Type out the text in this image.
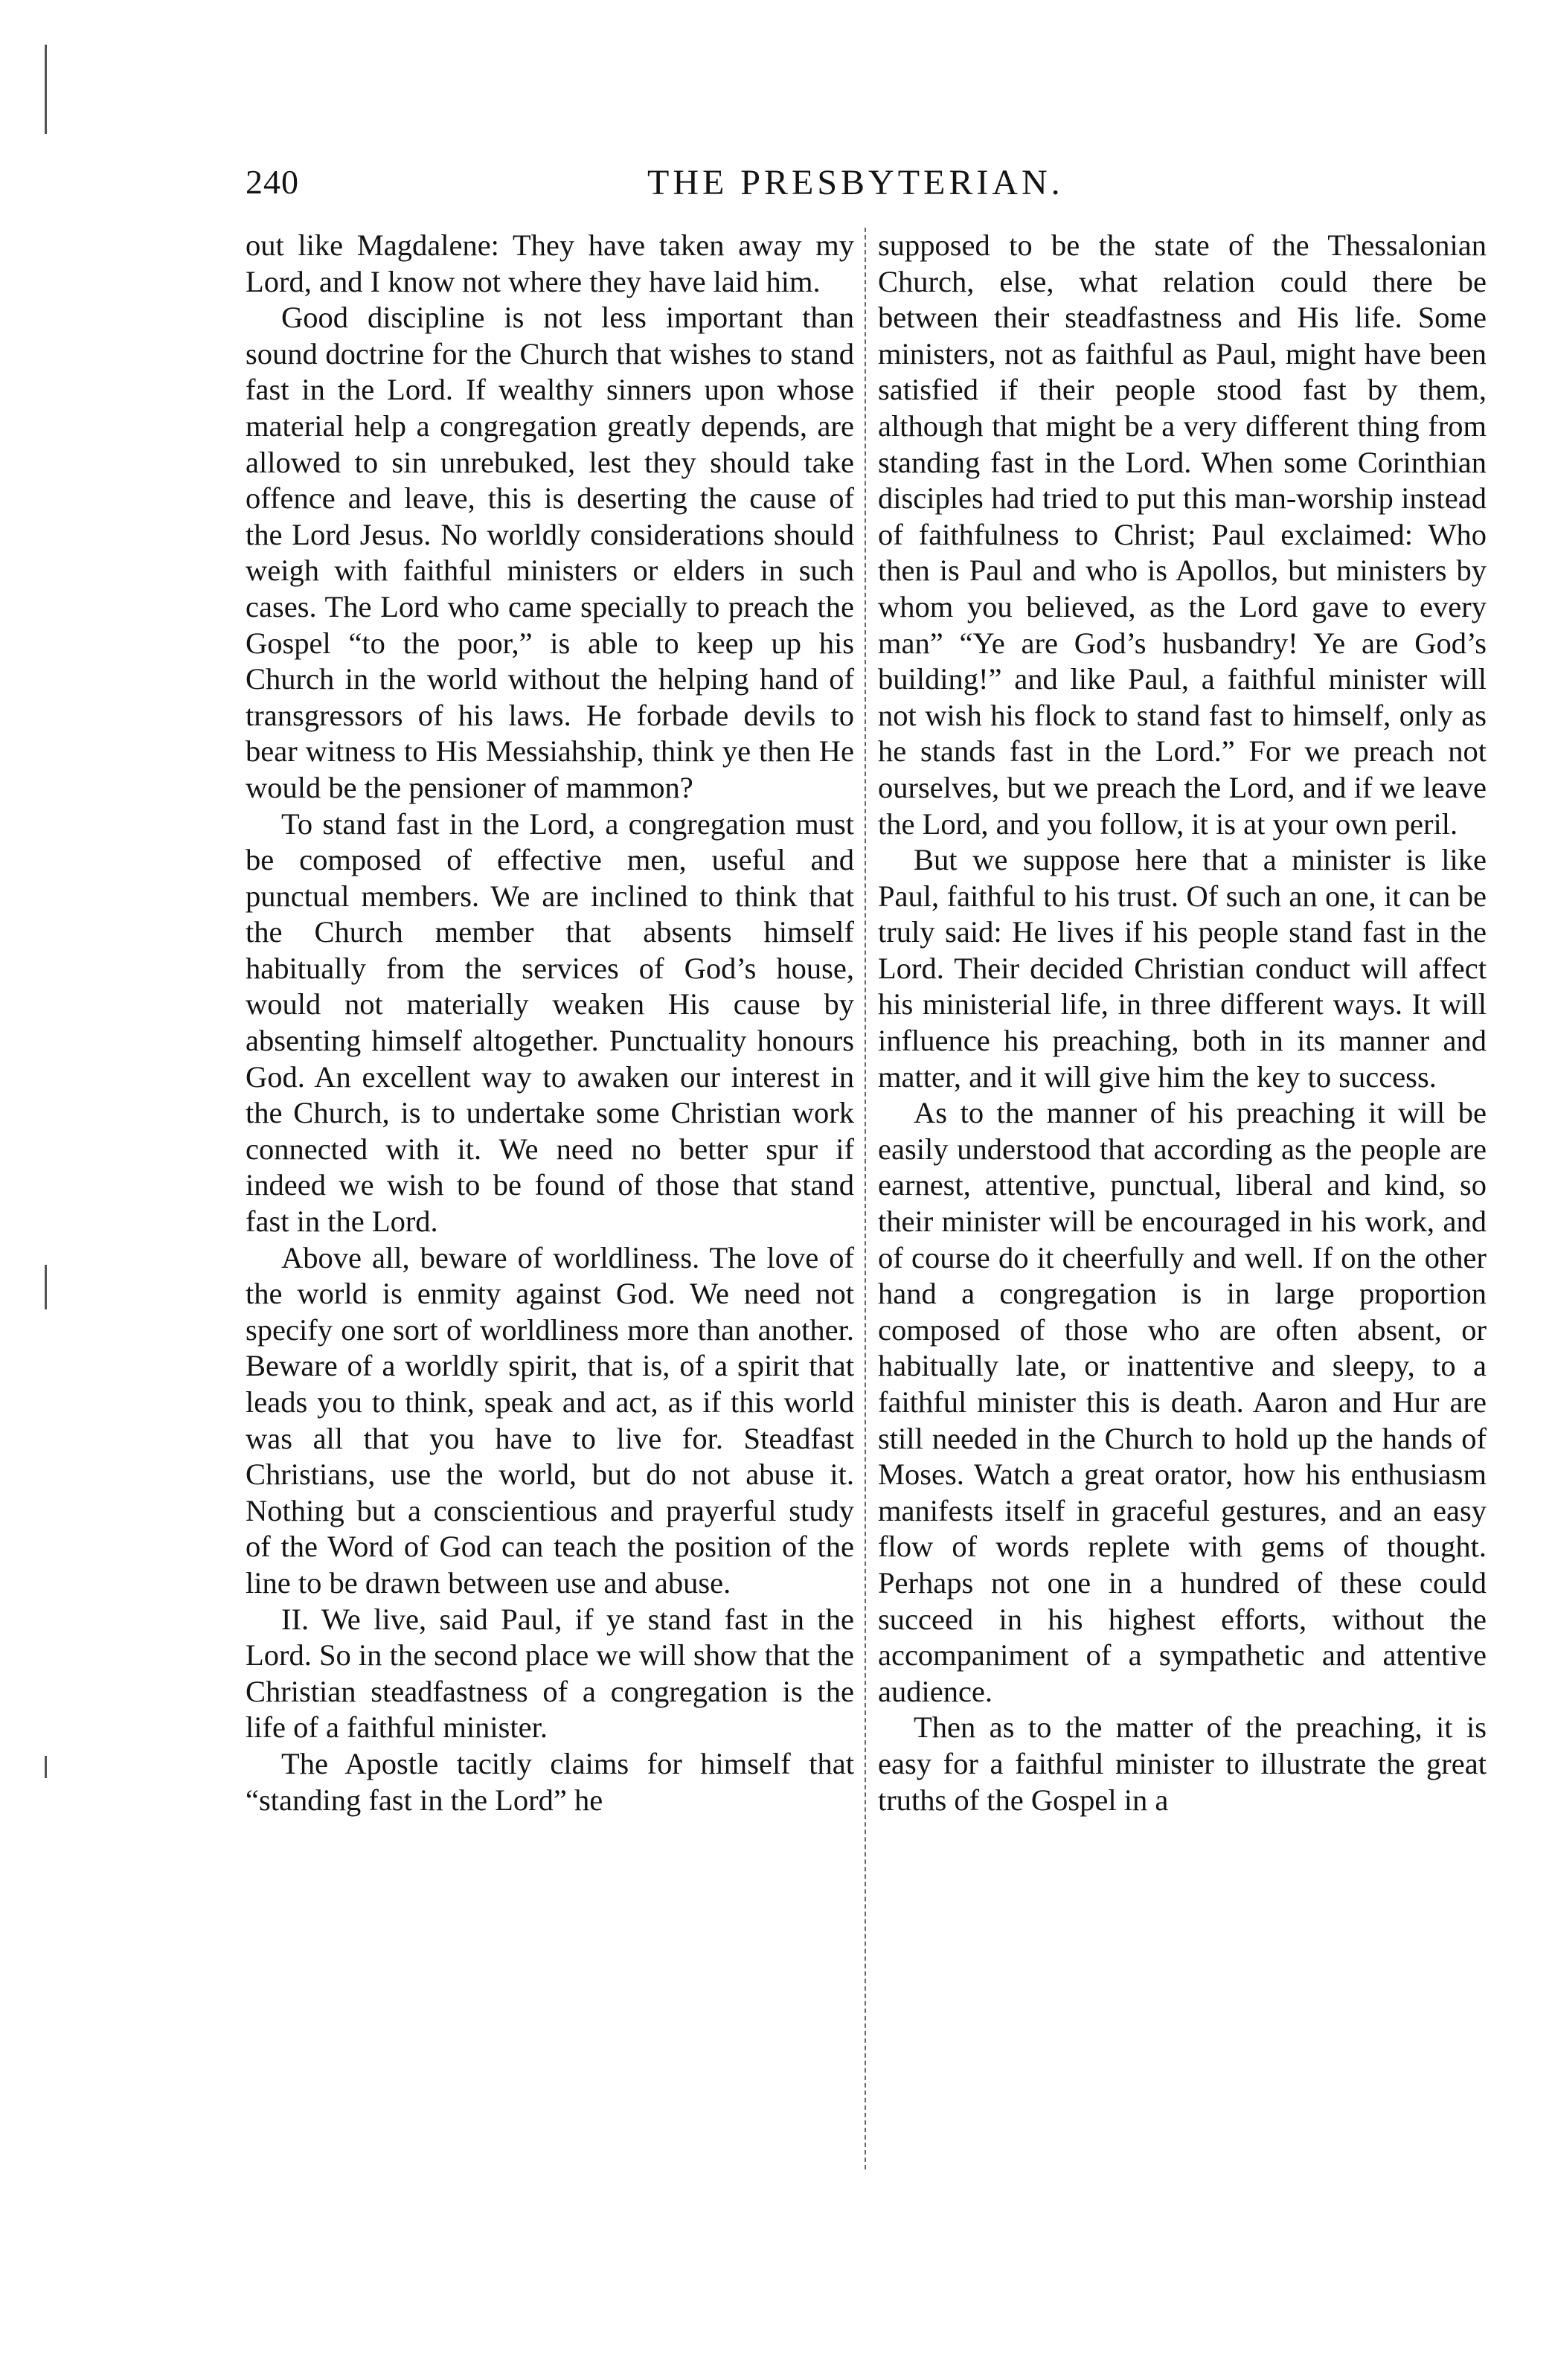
240	THE PRESBYTERIAN.

out like Magdalene: They have taken away my Lord, and I know not where they have laid him.

Good discipline is not less important than sound doctrine for the Church that wishes to stand fast in the Lord. If wealthy sinners upon whose material help a congregation greatly depends, are allowed to sin unrebuked, lest they should take offence and leave, this is deserting the cause of the Lord Jesus. No worldly considerations should weigh with faithful ministers or elders in such cases. The Lord who came specially to preach the Gospel “to the poor,” is able to keep up his Church in the world without the helping hand of transgressors of his laws. He forbade devils to bear witness to His Messiahship, think ye then He would be the pensioner of mammon?

To stand fast in the Lord, a congregation must be composed of effective men, useful and punctual members. We are inclined to think that the Church member that absents himself habitually from the services of God’s house, would not materially weaken His cause by absenting himself altogether. Punctuality honours God. An excellent way to awaken our interest in the Church, is to undertake some Christian work connected with it. We need no better spur if indeed we wish to be found of those that stand fast in the Lord.

Above all, beware of worldliness. The love of the world is enmity against God. We need not specify one sort of worldliness more than another. Beware of a worldly spirit, that is, of a spirit that leads you to think, speak and act, as if this world was all that you have to live for. Steadfast Christians, use the world, but do not abuse it. Nothing but a conscientious and prayerful study of the Word of God can teach the position of the line to be drawn between use and abuse.

II. We live, said Paul, if ye stand fast in the Lord. So in the second place we will show that the Christian steadfastness of a congregation is the life of a faithful minister.

The Apostle tacitly claims for himself that “standing fast in the Lord” he

supposed to be the state of the Thessalonian Church, else, what relation could there be between their steadfastness and His life. Some ministers, not as faithful as Paul, might have been satisfied if their people stood fast by them, although that might be a very different thing from standing fast in the Lord. When some Corinthian disciples had tried to put this man-worship instead of faithfulness to Christ; Paul exclaimed: Who then is Paul and who is Apollos, but ministers by whom you believed, as the Lord gave to every man” “Ye are God’s husbandry! Ye are God’s building!” and like Paul, a faithful minister will not wish his flock to stand fast to himself, only as he stands fast in the Lord.” For we preach not ourselves, but we preach the Lord, and if we leave the Lord, and you follow, it is at your own peril.

But we suppose here that a minister is like Paul, faithful to his trust. Of such an one, it can be truly said: He lives if his people stand fast in the Lord. Their decided Christian conduct will affect his ministerial life, in three different ways. It will influence his preaching, both in its manner and matter, and it will give him the key to success.

As to the manner of his preaching it will be easily understood that according as the people are earnest, attentive, punctual, liberal and kind, so their minister will be encouraged in his work, and of course do it cheerfully and well. If on the other hand a congregation is in large proportion composed of those who are often absent, or habitually late, or inattentive and sleepy, to a faithful minister this is death. Aaron and Hur are still needed in the Church to hold up the hands of Moses. Watch a great orator, how his enthusiasm manifests itself in graceful gestures, and an easy flow of words replete with gems of thought. Perhaps not one in a hundred of these could succeed in his highest efforts, without the accompaniment of a sympathetic and attentive audience.

Then as to the matter of the preaching, it is easy for a faithful minister to illustrate the great truths of the Gospel in a
